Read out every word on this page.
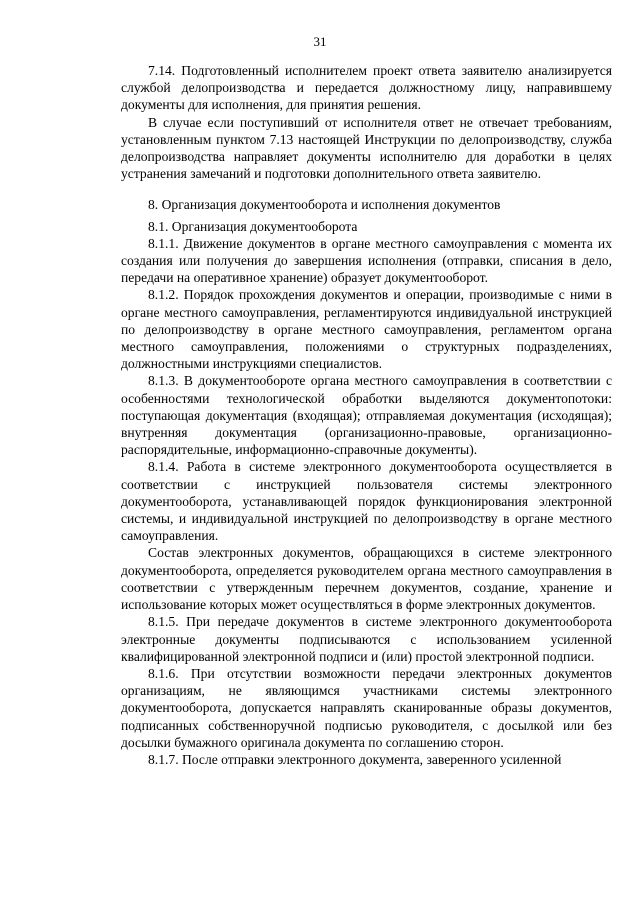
31

7.14. Подготовленный исполнителем проект ответа заявителю анализируется службой делопроизводства и передается должностному лицу, направившему документы для исполнения, для принятия решения.

В случае если поступивший от исполнителя ответ не отвечает требованиям, установленным пунктом 7.13 настоящей Инструкции по делопроизводству, служба делопроизводства направляет документы исполнителю для доработки в целях устранения замечаний и подготовки дополнительного ответа заявителю.

8. Организация документооборота и исполнения документов

8.1. Организация документооборота

8.1.1. Движение документов в органе местного самоуправления с момента их создания или получения до завершения исполнения (отправки, списания в дело, передачи на оперативное хранение) образует документооборот.

8.1.2. Порядок прохождения документов и операции, производимые с ними в органе местного самоуправления, регламентируются индивидуальной инструкцией по делопроизводству в органе местного самоуправления, регламентом органа местного самоуправления, положениями о структурных подразделениях, должностными инструкциями специалистов.

8.1.3. В документообороте органа местного самоуправления в соответствии с особенностями технологической обработки выделяются документопотоки: поступающая документация (входящая); отправляемая документация (исходящая); внутренняя документация (организационно-правовые, организационно-распорядительные, информационно-справочные документы).

8.1.4. Работа в системе электронного документооборота осуществляется в соответствии с инструкцией пользователя системы электронного документооборота, устанавливающей порядок функционирования электронной системы, и индивидуальной инструкцией по делопроизводству в органе местного самоуправления.

Состав электронных документов, обращающихся в системе электронного документооборота, определяется руководителем органа местного самоуправления в соответствии с утвержденным перечнем документов, создание, хранение и использование которых может осуществляться в форме электронных документов.

8.1.5. При передаче документов в системе электронного документооборота электронные документы подписываются с использованием усиленной квалифицированной электронной подписи и (или) простой электронной подписи.

8.1.6. При отсутствии возможности передачи электронных документов организациям, не являющимся участниками системы электронного документооборота, допускается направлять сканированные образы документов, подписанных собственноручной подписью руководителя, с досылкой или без досылки бумажного оригинала документа по соглашению сторон.

8.1.7. После отправки электронного документа, заверенного усиленной
